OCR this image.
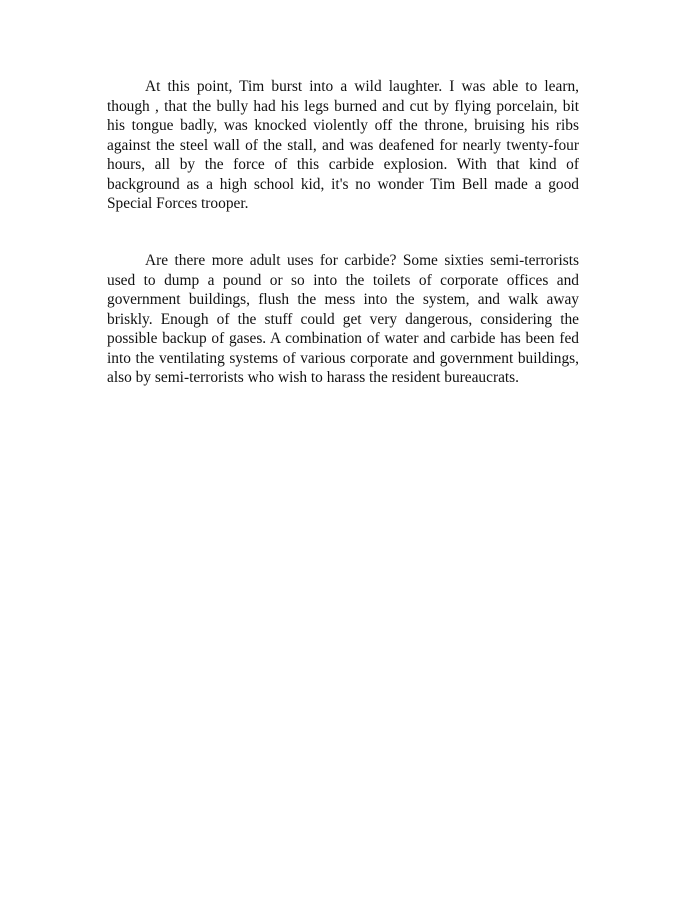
At this point, Tim burst into a wild laughter. I was able to learn, though , that the bully had his legs burned and cut by flying porcelain, bit his tongue badly, was knocked violently off the throne, bruising his ribs against the steel wall of the stall, and was deafened for nearly twenty-four hours, all by the force of this carbide explosion. With that kind of background as a high school kid, it's no wonder Tim Bell made a good Special Forces trooper.

Are there more adult uses for carbide? Some sixties semi-terrorists used to dump a pound or so into the toilets of corporate offices and government buildings, flush the mess into the system, and walk away briskly. Enough of the stuff could get very dangerous, considering the possible backup of gases. A combination of water and carbide has been fed into the ventilating systems of various corporate and government buildings, also by semi-terrorists who wish to harass the resident bureaucrats.
